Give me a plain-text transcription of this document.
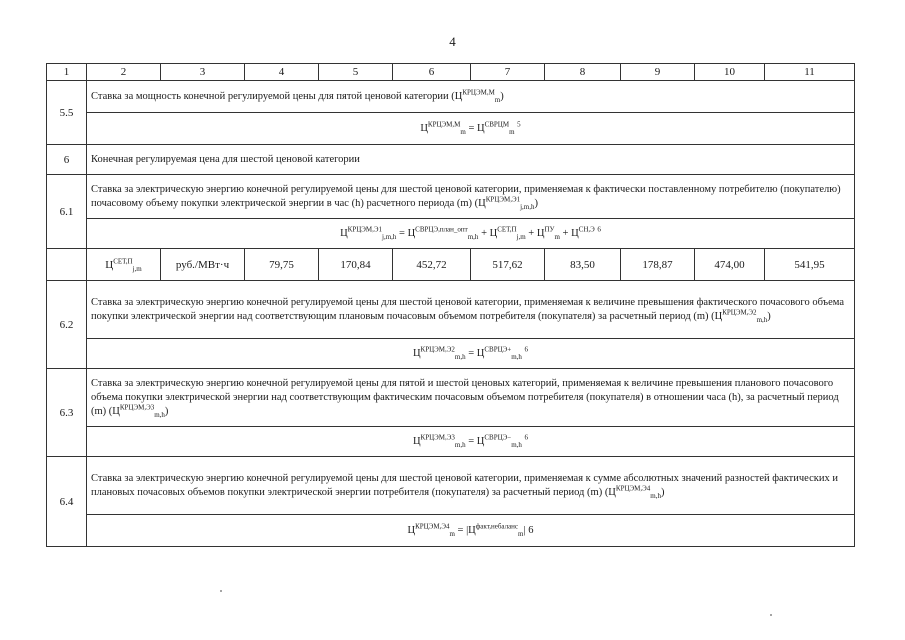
4
1	2	3	4	5	6	7	8	9	10	11
5.5	Ставка за мощность конечной регулируемой цены для пятой ценовой категории $(Ц^{КРЦЭМ,М}_m)$									
	$Ц^{КРЦЭМ,М}_m = Ц^{СВРЦМ}_m$ $^5$
6	Конечная регулируемая цена для шестой ценовой категории									
6.1	Ставка за электрическую энергию конечной регулируемой цены для шестой ценовой категории, применяемая к фактически поставленному потребителю (покупателю) почасовому объему покупки электрической энергии в час (h) расчетного периода (m) $(Ц^{КРЦЭМ,Э1}_{j,m,h})$									
	$Ц^{КРЦЭМ,Э1}_{j,m,h} = Ц^{СВРЦЭ,план\_опт}_{m,h} + Ц^{СЕТ,П}_{j,m} + Ц^{ПУ}_m + Ц^{СН,Э}$ $^6$
	$Ц^{СЕТ,П}_{j,m}$	руб./МВт·ч	79,75	170,84	452,72	517,62	83,50	178,87	474,00	541,95
6.2	Ставка за электрическую энергию конечной регулируемой цены для шестой ценовой категории, применяемая к величине превышения фактического почасового объема покупки электрической энергии над соответствующим плановым почасовым объемом потребителя (покупателя) за расчетный период (m) $(Ц^{КРЦЭМ,Э2}_{m,h})$									
	$Ц^{КРЦЭМ,Э2}_{m,h} = Ц^{СВРЦЭ+}_{m,h}$ $^6$
6.3	Ставка за электрическую энергию конечной регулируемой цены для пятой и шестой ценовых категорий, применяемая к величине превышения планового почасового объема покупки электрической энергии над соответствующим фактическим почасовым объемом потребителя (покупателя) в отношении часа (h), за расчетный период (m) $(Ц^{КРЦЭМ,Э3}_{m,h})$									
	$Ц^{КРЦЭМ,Э3}_{m,h} = Ц^{СВРЦЭ-}_{m,h}$ $^6$
6.4	Ставка за электрическую энергию конечной регулируемой цены для шестой ценовой категории, применяемая к сумме абсолютных значений разностей фактических и плановых почасовых объемов покупки электрической энергии потребителя (покупателя) за расчетный период (m) $(Ц^{КРЦЭМ,Э4}_{m,h})$									
	$Ц^{КРЦЭМ,Э4}_m = |Ц^{факт,небаланс}_m|$ 6									
